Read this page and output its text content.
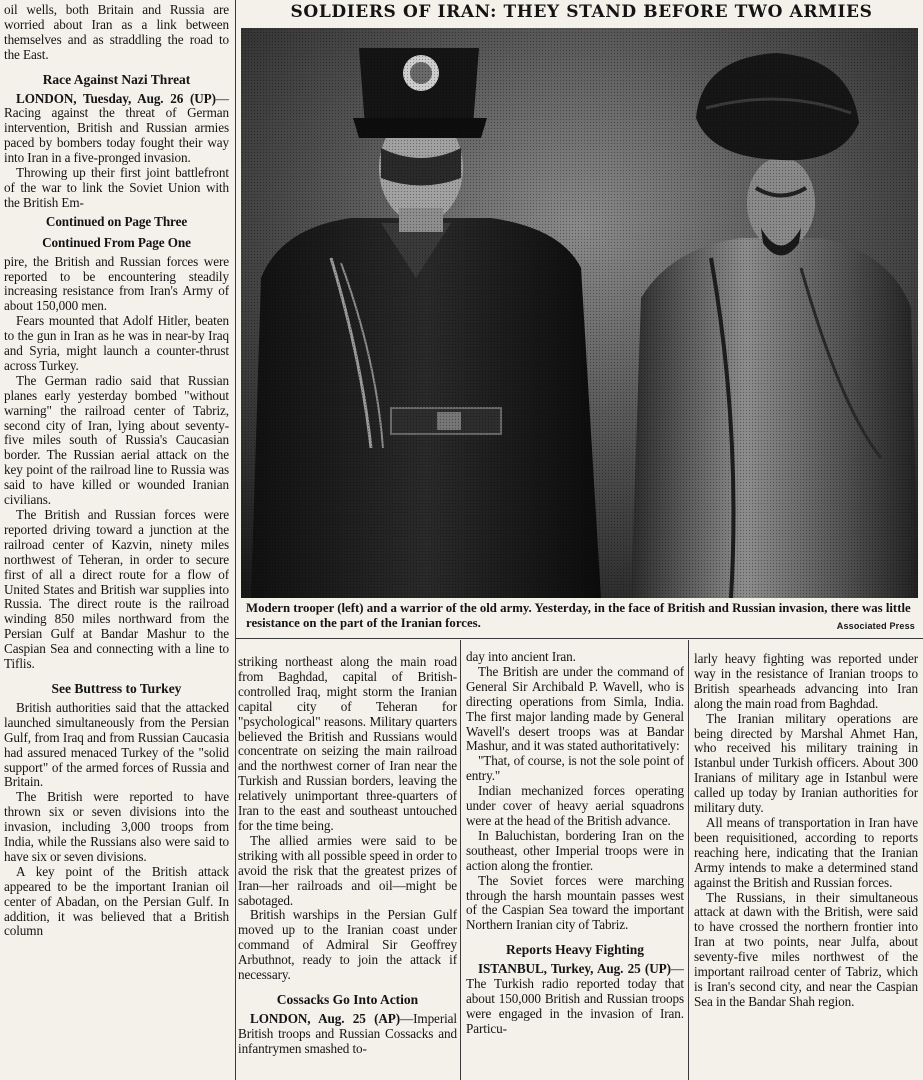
oil wells, both Britain and Russia are worried about Iran as a link between themselves and as straddling the road to the East.

Race Against Nazi Threat

LONDON, Tuesday, Aug. 26 (UP)—Racing against the threat of German intervention, British and Russian armies paced by bombers today fought their way into Iran in a five-pronged invasion.

Throwing up their first joint battlefront of the war to link the Soviet Union with the British Em-

Continued on Page Three
Continued From Page One

pire, the British and Russian forces were reported to be encountering steadily increasing resistance from Iran's Army of about 150,000 men.

Fears mounted that Adolf Hitler, beaten to the gun in Iran as he was in near-by Iraq and Syria, might launch a counter-thrust across Turkey.

The German radio said that Russian planes early yesterday bombed "without warning" the railroad center of Tabriz, second city of Iran, lying about seventy-five miles south of Russia's Caucasian border. The Russian aerial attack on the key point of the railroad line to Russia was said to have killed or wounded Iranian civilians.

The British and Russian forces were reported driving toward a junction at the railroad center of Kazvin, ninety miles northwest of Teheran, in order to secure first of all a direct route for a flow of United States and British war supplies into Russia. The direct route is the railroad winding 850 miles northward from the Persian Gulf at Bandar Mashur to the Caspian Sea and connecting with a line to Tiflis.

See Buttress to Turkey

British authorities said that the attacked launched simultaneously from the Persian Gulf, from Iraq and from Russian Caucasia had assured menaced Turkey of the "solid support" of the armed forces of Russia and Britain.

The British were reported to have thrown six or seven divisions into the invasion, including 3,000 troops from India, while the Russians also were said to have six or seven divisions.

A key point of the British attack appeared to be the important Iranian oil center of Abadan, on the Persian Gulf. In addition, it was believed that a British column

SOLDIERS OF IRAN: THEY STAND BEFORE TWO ARMIES
Modern trooper (left) and a warrior of the old army. Yesterday, in the face of British and Russian invasion, there was little resistance on the part of the Iranian forces.	Associated Press

striking northeast along the main road from Baghdad, capital of British-controlled Iraq, might storm the Iranian capital city of Teheran for "psychological" reasons. Military quarters believed the British and Russians would concentrate on seizing the main railroad and the northwest corner of Iran near the Turkish and Russian borders, leaving the relatively unimportant three-quarters of Iran to the east and southeast untouched for the time being.

The allied armies were said to be striking with all possible speed in order to avoid the risk that the greatest prizes of Iran—her railroads and oil—might be sabotaged.

British warships in the Persian Gulf moved up to the Iranian coast under command of Admiral Sir Geoffrey Arbuthnot, ready to join the attack if necessary.

Cossacks Go Into Action

LONDON, Aug. 25 (AP)—Imperial British troops and Russian Cossacks and infantrymen smashed to-

day into ancient Iran.

The British are under the command of General Sir Archibald P. Wavell, who is directing operations from Simla, India. The first major landing made by General Wavell's desert troops was at Bandar Mashur, and it was stated authoritatively:

"That, of course, is not the sole point of entry."

Indian mechanized forces operating under cover of heavy aerial squadrons were at the head of the British advance.

In Baluchistan, bordering Iran on the southeast, other Imperial troops were in action along the frontier.

The Soviet forces were marching through the harsh mountain passes west of the Caspian Sea toward the important Northern Iranian city of Tabriz.

Reports Heavy Fighting

ISTANBUL, Turkey, Aug. 25 (UP)—The Turkish radio reported today that about 150,000 British and Russian troops were engaged in the invasion of Iran. Particu-

larly heavy fighting was reported under way in the resistance of Iranian troops to British spearheads advancing into Iran along the main road from Baghdad.

The Iranian military operations are being directed by Marshal Ahmet Han, who received his military training in Istanbul under Turkish officers. About 300 Iranians of military age in Istanbul were called up today by Iranian authorities for military duty.

All means of transportation in Iran have been requisitioned, according to reports reaching here, indicating that the Iranian Army intends to make a determined stand against the British and Russian forces.

The Russians, in their simultaneous attack at dawn with the British, were said to have crossed the northern frontier into Iran at two points, near Julfa, about seventy-five miles northwest of the important railroad center of Tabriz, which is Iran's second city, and near the Caspian Sea in the Bandar Shah region.
